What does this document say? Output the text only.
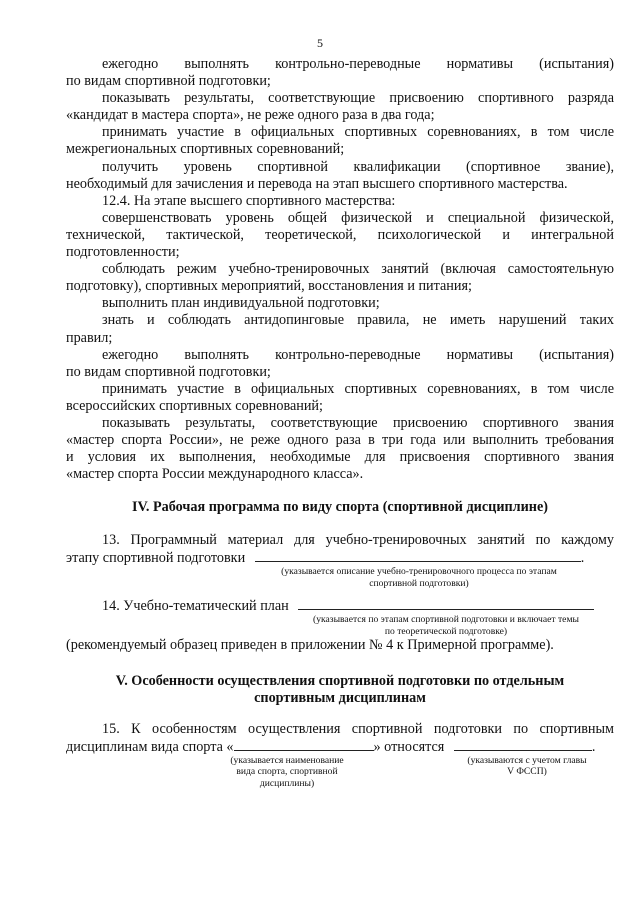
5

ежегодно выполнять контрольно-переводные нормативы (испытания)

по видам спортивной подготовки;

показывать результаты, соответствующие присвоению спортивного разряда

«кандидат в мастера спорта», не реже одного раза в два года;

принимать участие в официальных спортивных соревнованиях, в том числе

межрегиональных спортивных соревнований;

получить уровень спортивной квалификации (спортивное звание),

необходимый для зачисления и перевода на этап высшего спортивного мастерства.

12.4. На этапе высшего спортивного мастерства:

совершенствовать уровень общей физической и специальной физической,

технической, тактической, теоретической, психологической и интегральной

подготовленности;

соблюдать режим учебно-тренировочных занятий (включая самостоятельную

подготовку), спортивных мероприятий, восстановления и питания;

выполнить план индивидуальной подготовки;

знать и соблюдать антидопинговые правила, не иметь нарушений таких

правил;

ежегодно выполнять контрольно-переводные нормативы (испытания)

по видам спортивной подготовки;

принимать участие в официальных спортивных соревнованиях, в том числе

всероссийских спортивных соревнований;

показывать результаты, соответствующие присвоению спортивного звания

«мастер спорта России», не реже одного раза в три года или выполнить требования

и условия их выполнения, необходимые для присвоения спортивного звания

«мастер спорта России международного класса».

IV. Рабочая программа по виду спорта (спортивной дисциплине)

13. Программный материал для учебно-тренировочных занятий по каждому

этапу спортивной подготовки	.
(указывается описание учебно-тренировочного процесса по этапам
спортивной подготовки)
14. Учебно-тематический план
(указывается по этапам спортивной подготовки и включает темы
по теоретической подготовке)

(рекомендуемый образец приведен в приложении № 4 к Примерной программе).

V. Особенности осуществления спортивной подготовки по отдельным

спортивным дисциплинам

15. К особенностям осуществления спортивной подготовки по спортивным

дисциплинам вида спорта «	» относятся	.
(указывается наименование
вида спорта, спортивной
дисциплины)
(указываются с учетом главы
V ФССП)
